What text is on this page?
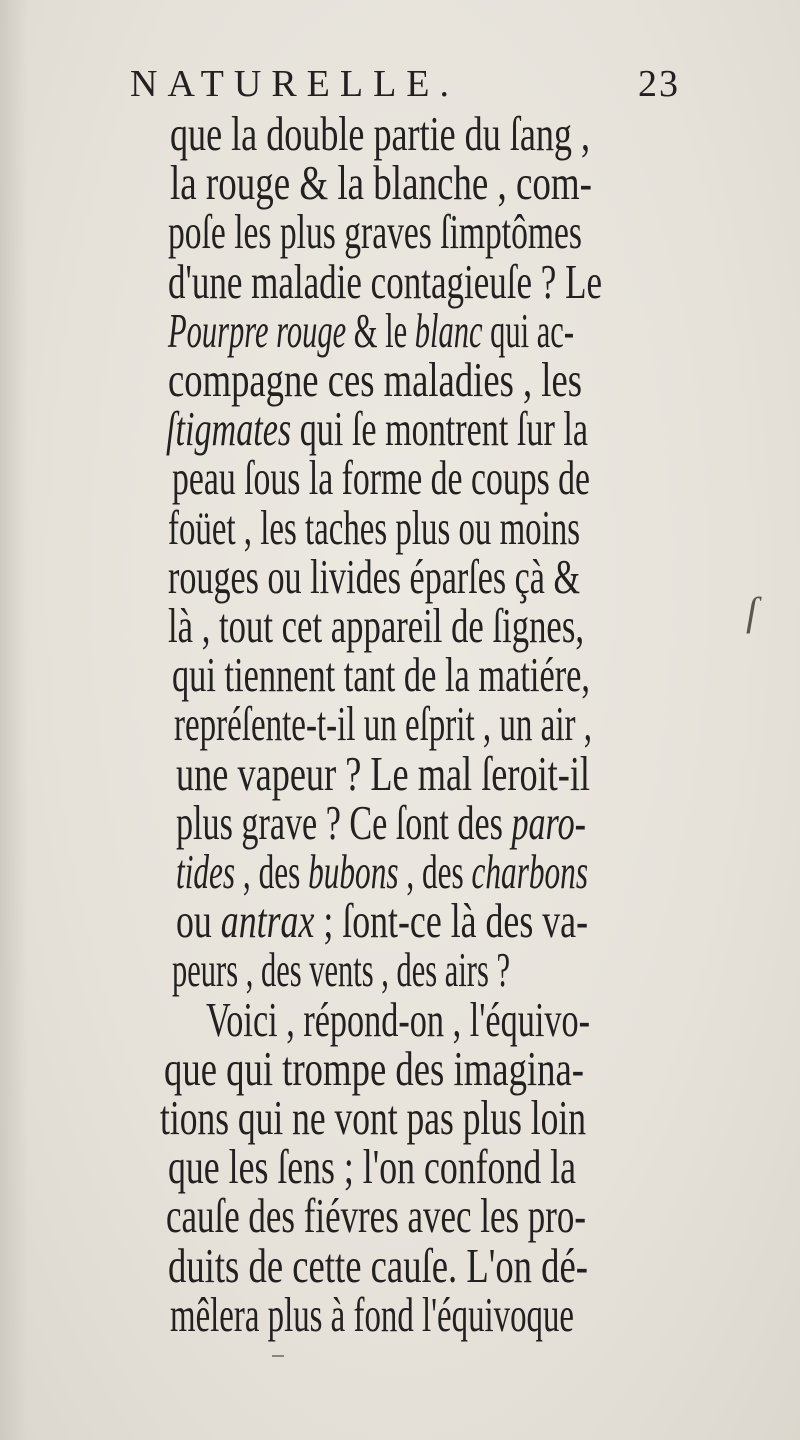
NATURELLE.	23
que la double partie du ſang ,
la rouge & la blanche , com-
poſe les plus graves ſimptômes
d'une maladie contagieuſe ? Le
Pourpre rouge & le blanc qui ac-
compagne ces maladies , les
ſtigmates qui ſe montrent ſur la
peau ſous la forme de coups de
foüet , les taches plus ou moins
rouges ou livides éparſes çà &
là , tout cet appareil de ſignes,
qui tiennent tant de la matiére,
repréſente-t-il un eſprit , un air ,
une vapeur ? Le mal ſeroit-il
plus grave ? Ce ſont des paro-
tides , des bubons , des charbons
ou antrax ; ſont-ce là des va-
peurs , des vents , des airs ?
Voici , répond-on , l'équivo-
que qui trompe des imagina-
tions qui ne vont pas plus loin
que les ſens ; l'on confond la
cauſe des fiévres avec les pro-
duits de cette cauſe. L'on dé-
mêlera plus à fond l'équivoque
ſ
